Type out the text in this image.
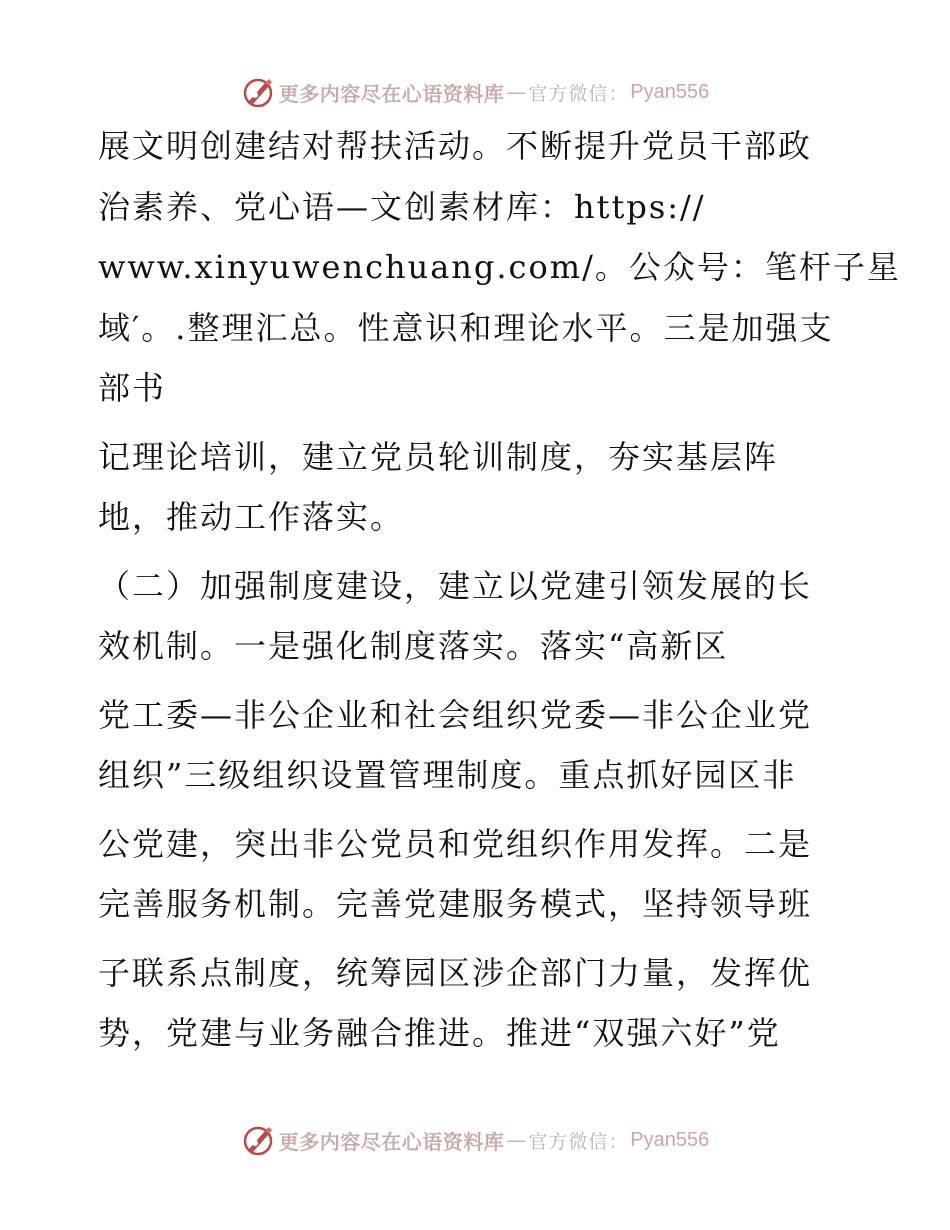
更多内容尽在心语资料库 — 官方微信： Pyan556
展文明创建结对帮扶活动。不断提升党员干部政
治素养、党心语—文创素材库：https://
www.xinyuwenchuang.com/。公众号：笔杆子星
域′。.整理汇总。性意识和理论水平。三是加强支
部书
记理论培训，建立党员轮训制度，夯实基层阵
地，推动工作落实。
（二）加强制度建设，建立以党建引领发展的长
效机制。一是强化制度落实。落实“高新区
党工委—非公企业和社会组织党委—非公企业党
组织”三级组织设置管理制度。重点抓好园区非
公党建，突出非公党员和党组织作用发挥。二是
完善服务机制。完善党建服务模式，坚持领导班
子联系点制度，统筹园区涉企部门力量，发挥优
势，党建与业务融合推进。推进“双强六好”党
更多内容尽在心语资料库 — 官方微信： Pyan556
